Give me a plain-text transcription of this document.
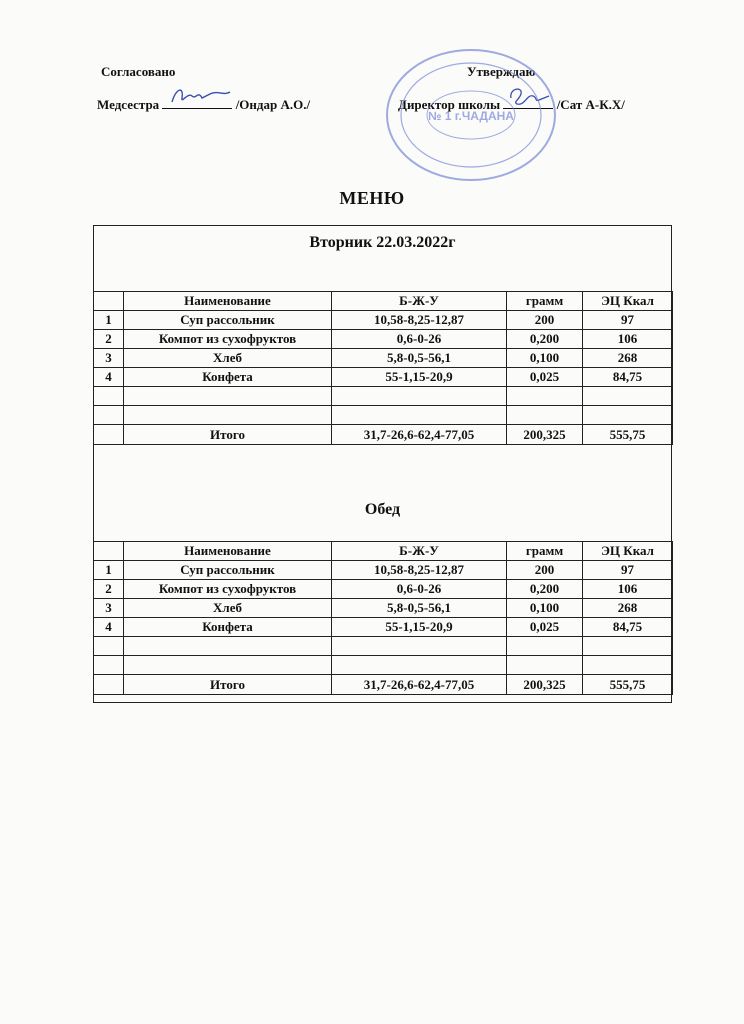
Согласовано	Утверждаю
Медсестра	/Ондар А.О./	Директор школы	/Сат А-К.Х/
№ 1 г.ЧАДАНА
МЕНЮ
Вторник 22.03.2022г
	Наименование	Б-Ж-У	грамм	ЭЦ Ккал
1	Суп рассольник	10,58-8,25-12,87	200	97
2	Компот из сухофруктов	0,6-0-26	0,200	106
3	Хлеб	5,8-0,5-56,1	0,100	268
4	Конфета	55-1,15-20,9	0,025	84,75

	Итого	31,7-26,6-62,4-77,05	200,325	555,75
Обед
	Наименование	Б-Ж-У	грамм	ЭЦ Ккал
1	Суп рассольник	10,58-8,25-12,87	200	97
2	Компот из сухофруктов	0,6-0-26	0,200	106
3	Хлеб	5,8-0,5-56,1	0,100	268
4	Конфета	55-1,15-20,9	0,025	84,75

	Итого	31,7-26,6-62,4-77,05	200,325	555,75
